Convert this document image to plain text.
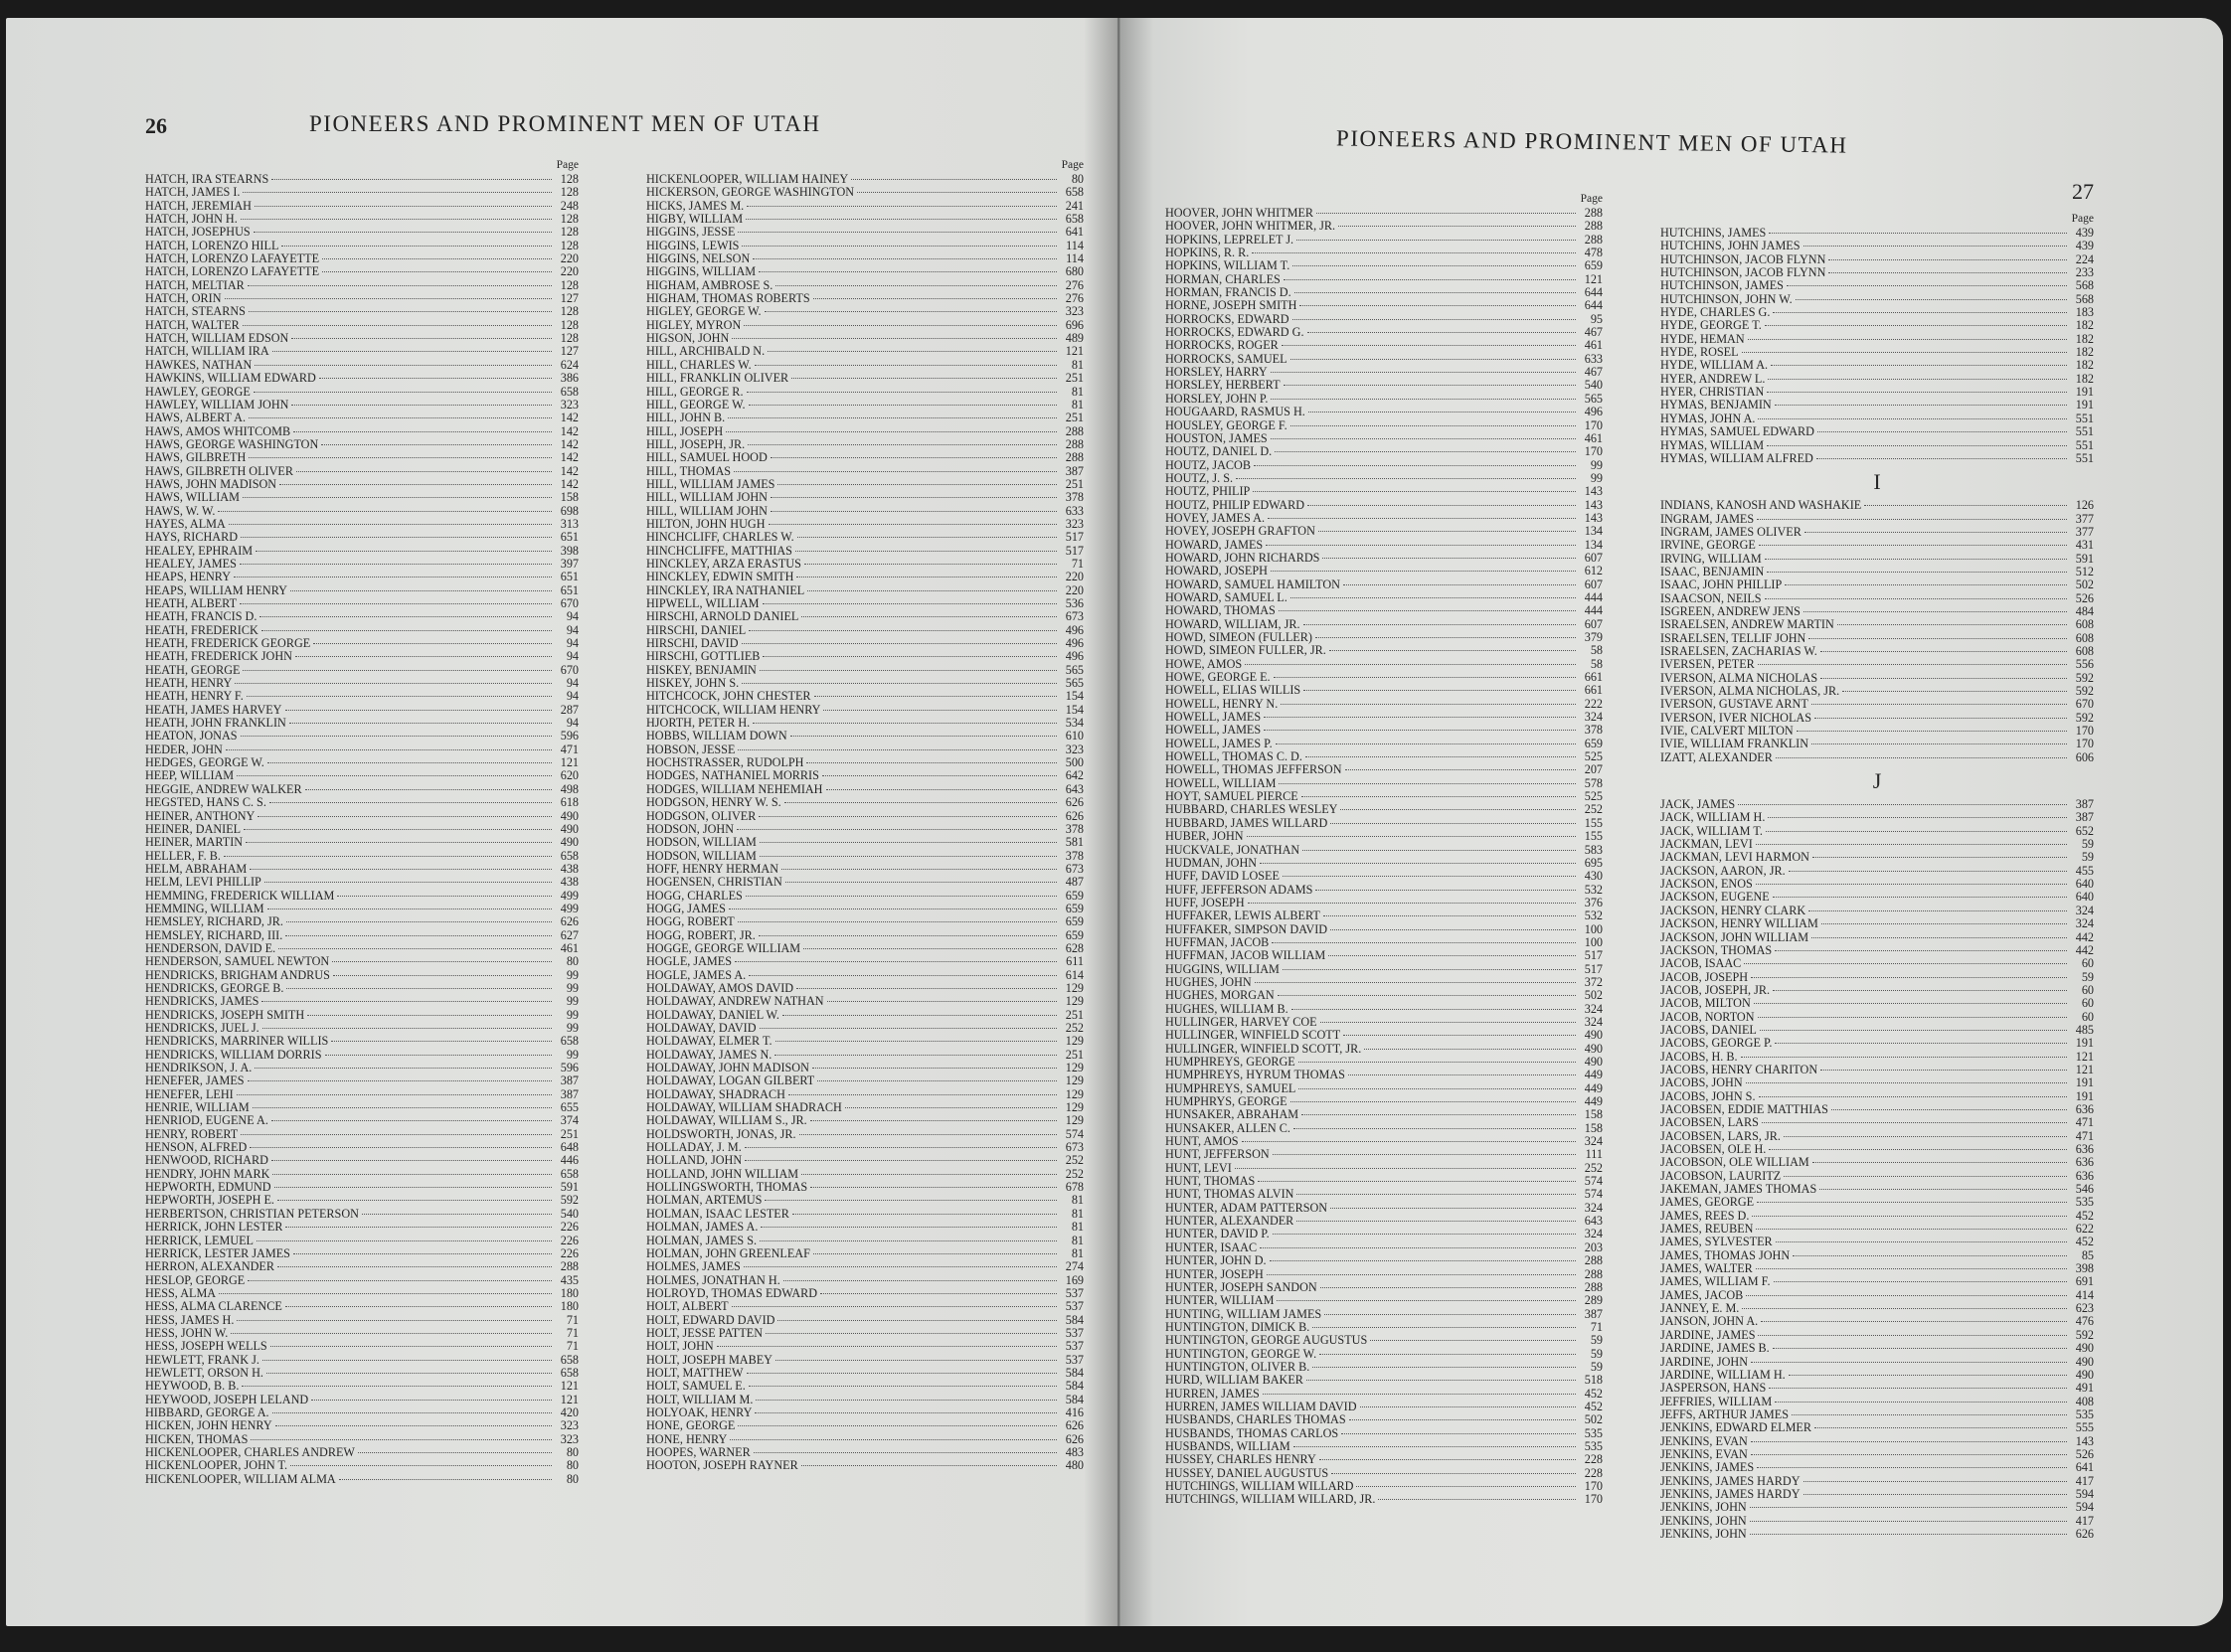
26	PIONEERS AND PROMINENT MEN OF UTAH
Page
HATCH, IRA STEARNS	128
HATCH, JAMES I.	128
HATCH, JEREMIAH	248
HATCH, JOHN H.	128
HATCH, JOSEPHUS	128
HATCH, LORENZO HILL	128
HATCH, LORENZO LAFAYETTE	220
HATCH, LORENZO LAFAYETTE	220
HATCH, MELTIAR	128
HATCH, ORIN	127
HATCH, STEARNS	128
HATCH, WALTER	128
HATCH, WILLIAM EDSON	128
HATCH, WILLIAM IRA	127
HAWKES, NATHAN	624
HAWKINS, WILLIAM EDWARD	386
HAWLEY, GEORGE	658
HAWLEY, WILLIAM JOHN	323
HAWS, ALBERT A.	142
HAWS, AMOS WHITCOMB	142
HAWS, GEORGE WASHINGTON	142
HAWS, GILBRETH	142
HAWS, GILBRETH OLIVER	142
HAWS, JOHN MADISON	142
HAWS, WILLIAM	158
HAWS, W. W.	698
HAYES, ALMA	313
HAYS, RICHARD	651
HEALEY, EPHRAIM	398
HEALEY, JAMES	397
HEAPS, HENRY	651
HEAPS, WILLIAM HENRY	651
HEATH, ALBERT	670
HEATH, FRANCIS D.	94
HEATH, FREDERICK	94
HEATH, FREDERICK GEORGE	94
HEATH, FREDERICK JOHN	94
HEATH, GEORGE	670
HEATH, HENRY	94
HEATH, HENRY F.	94
HEATH, JAMES HARVEY	287
HEATH, JOHN FRANKLIN	94
HEATON, JONAS	596
HEDER, JOHN	471
HEDGES, GEORGE W.	121
HEEP, WILLIAM	620
HEGGIE, ANDREW WALKER	498
HEGSTED, HANS C. S.	618
HEINER, ANTHONY	490
HEINER, DANIEL	490
HEINER, MARTIN	490
HELLER, F. B.	658
HELM, ABRAHAM	438
HELM, LEVI PHILLIP	438
HEMMING, FREDERICK WILLIAM	499
HEMMING, WILLIAM	499
HEMSLEY, RICHARD, JR.	626
HEMSLEY, RICHARD, III.	627
HENDERSON, DAVID E.	461
HENDERSON, SAMUEL NEWTON	80
HENDRICKS, BRIGHAM ANDRUS	99
HENDRICKS, GEORGE B.	99
HENDRICKS, JAMES	99
HENDRICKS, JOSEPH SMITH	99
HENDRICKS, JUEL J.	99
HENDRICKS, MARRINER WILLIS	658
HENDRICKS, WILLIAM DORRIS	99
HENDRIKSON, J. A.	596
HENEFER, JAMES	387
HENEFER, LEHI	387
HENRIE, WILLIAM	655
HENRIOD, EUGENE A.	374
HENRY, ROBERT	251
HENSON, ALFRED	648
HENWOOD, RICHARD	446
HENDRY, JOHN MARK	658
HEPWORTH, EDMUND	591
HEPWORTH, JOSEPH E.	592
HERBERTSON, CHRISTIAN PETERSON	540
HERRICK, JOHN LESTER	226
HERRICK, LEMUEL	226
HERRICK, LESTER JAMES	226
HERRON, ALEXANDER	288
HESLOP, GEORGE	435
HESS, ALMA	180
HESS, ALMA CLARENCE	180
HESS, JAMES H.	71
HESS, JOHN W.	71
HESS, JOSEPH WELLS	71
HEWLETT, FRANK J.	658
HEWLETT, ORSON H.	658
HEYWOOD, B. B.	121
HEYWOOD, JOSEPH LELAND	121
HIBBARD, GEORGE A.	420
HICKEN, JOHN HENRY	323
HICKEN, THOMAS	323
HICKENLOOPER, CHARLES ANDREW	80
HICKENLOOPER, JOHN T.	80
HICKENLOOPER, WILLIAM ALMA	80
Page
HICKENLOOPER, WILLIAM HAINEY	80
HICKERSON, GEORGE WASHINGTON	658
HICKS, JAMES M.	241
HIGBY, WILLIAM	658
HIGGINS, JESSE	641
HIGGINS, LEWIS	114
HIGGINS, NELSON	114
HIGGINS, WILLIAM	680
HIGHAM, AMBROSE S.	276
HIGHAM, THOMAS ROBERTS	276
HIGLEY, GEORGE W.	323
HIGLEY, MYRON	696
HIGSON, JOHN	489
HILL, ARCHIBALD N.	121
HILL, CHARLES W.	81
HILL, FRANKLIN OLIVER	251
HILL, GEORGE R.	81
HILL, GEORGE W.	81
HILL, JOHN B.	251
HILL, JOSEPH	288
HILL, JOSEPH, JR.	288
HILL, SAMUEL HOOD	288
HILL, THOMAS	387
HILL, WILLIAM JAMES	251
HILL, WILLIAM JOHN	378
HILL, WILLIAM JOHN	633
HILTON, JOHN HUGH	323
HINCHCLIFF, CHARLES W.	517
HINCHCLIFFE, MATTHIAS	517
HINCKLEY, ARZA ERASTUS	71
HINCKLEY, EDWIN SMITH	220
HINCKLEY, IRA NATHANIEL	220
HIPWELL, WILLIAM	536
HIRSCHI, ARNOLD DANIEL	673
HIRSCHI, DANIEL	496
HIRSCHI, DAVID	496
HIRSCHI, GOTTLIEB	496
HISKEY, BENJAMIN	565
HISKEY, JOHN S.	565
HITCHCOCK, JOHN CHESTER	154
HITCHCOCK, WILLIAM HENRY	154
HJORTH, PETER H.	534
HOBBS, WILLIAM DOWN	610
HOBSON, JESSE	323
HOCHSTRASSER, RUDOLPH	500
HODGES, NATHANIEL MORRIS	642
HODGES, WILLIAM NEHEMIAH	643
HODGSON, HENRY W. S.	626
HODGSON, OLIVER	626
HODSON, JOHN	378
HODSON, WILLIAM	581
HODSON, WILLIAM	378
HOFF, HENRY HERMAN	673
HOGENSEN, CHRISTIAN	487
HOGG, CHARLES	659
HOGG, JAMES	659
HOGG, ROBERT	659
HOGG, ROBERT, JR.	659
HOGGE, GEORGE WILLIAM	628
HOGLE, JAMES	611
HOGLE, JAMES A.	614
HOLDAWAY, AMOS DAVID	129
HOLDAWAY, ANDREW NATHAN	129
HOLDAWAY, DANIEL W.	251
HOLDAWAY, DAVID	252
HOLDAWAY, ELMER T.	129
HOLDAWAY, JAMES N.	251
HOLDAWAY, JOHN MADISON	129
HOLDAWAY, LOGAN GILBERT	129
HOLDAWAY, SHADRACH	129
HOLDAWAY, WILLIAM SHADRACH	129
HOLDAWAY, WILLIAM S., JR.	129
HOLDSWORTH, JONAS, JR.	574
HOLLADAY, J. M.	673
HOLLAND, JOHN	252
HOLLAND, JOHN WILLIAM	252
HOLLINGSWORTH, THOMAS	678
HOLMAN, ARTEMUS	81
HOLMAN, ISAAC LESTER	81
HOLMAN, JAMES A.	81
HOLMAN, JAMES S.	81
HOLMAN, JOHN GREENLEAF	81
HOLMES, JAMES	274
HOLMES, JONATHAN H.	169
HOLROYD, THOMAS EDWARD	537
HOLT, ALBERT	537
HOLT, EDWARD DAVID	584
HOLT, JESSE PATTEN	537
HOLT, JOHN	537
HOLT, JOSEPH MABEY	537
HOLT, MATTHEW	584
HOLT, SAMUEL E.	584
HOLT, WILLIAM M.	584
HOLYOAK, HENRY	416
HONE, GEORGE	626
HONE, HENRY	626
HOOPES, WARNER	483
HOOTON, JOSEPH RAYNER	480
PIONEERS AND PROMINENT MEN OF UTAH
27
Page
HOOVER, JOHN WHITMER	288
HOOVER, JOHN WHITMER, JR.	288
HOPKINS, LEPRELET J.	288
HOPKINS, R. R.	478
HOPKINS, WILLIAM T.	659
HORMAN, CHARLES	121
HORMAN, FRANCIS D.	644
HORNE, JOSEPH SMITH	644
HORROCKS, EDWARD	95
HORROCKS, EDWARD G.	467
HORROCKS, ROGER	461
HORROCKS, SAMUEL	633
HORSLEY, HARRY	467
HORSLEY, HERBERT	540
HORSLEY, JOHN P.	565
HOUGAARD, RASMUS H.	496
HOUSLEY, GEORGE F.	170
HOUSTON, JAMES	461
HOUTZ, DANIEL D.	170
HOUTZ, JACOB	99
HOUTZ, J. S.	99
HOUTZ, PHILIP	143
HOUTZ, PHILIP EDWARD	143
HOVEY, JAMES A.	143
HOVEY, JOSEPH GRAFTON	134
HOWARD, JAMES	134
HOWARD, JOHN RICHARDS	607
HOWARD, JOSEPH	612
HOWARD, SAMUEL HAMILTON	607
HOWARD, SAMUEL L.	444
HOWARD, THOMAS	444
HOWARD, WILLIAM, JR.	607
HOWD, SIMEON (FULLER)	379
HOWD, SIMEON FULLER, JR.	58
HOWE, AMOS	58
HOWE, GEORGE E.	661
HOWELL, ELIAS WILLIS	661
HOWELL, HENRY N.	222
HOWELL, JAMES	324
HOWELL, JAMES	378
HOWELL, JAMES P.	659
HOWELL, THOMAS C. D.	525
HOWELL, THOMAS JEFFERSON	207
HOWELL, WILLIAM	578
HOYT, SAMUEL PIERCE	525
HUBBARD, CHARLES WESLEY	252
HUBBARD, JAMES WILLARD	155
HUBER, JOHN	155
HUCKVALE, JONATHAN	583
HUDMAN, JOHN	695
HUFF, DAVID LOSEE	430
HUFF, JEFFERSON ADAMS	532
HUFF, JOSEPH	376
HUFFAKER, LEWIS ALBERT	532
HUFFAKER, SIMPSON DAVID	100
HUFFMAN, JACOB	100
HUFFMAN, JACOB WILLIAM	517
HUGGINS, WILLIAM	517
HUGHES, JOHN	372
HUGHES, MORGAN	502
HUGHES, WILLIAM B.	324
HULLINGER, HARVEY COE	324
HULLINGER, WINFIELD SCOTT	490
HULLINGER, WINFIELD SCOTT, JR.	490
HUMPHREYS, GEORGE	490
HUMPHREYS, HYRUM THOMAS	449
HUMPHREYS, SAMUEL	449
HUMPHRYS, GEORGE	449
HUNSAKER, ABRAHAM	158
HUNSAKER, ALLEN C.	158
HUNT, AMOS	324
HUNT, JEFFERSON	111
HUNT, LEVI	252
HUNT, THOMAS	574
HUNT, THOMAS ALVIN	574
HUNTER, ADAM PATTERSON	324
HUNTER, ALEXANDER	643
HUNTER, DAVID P.	324
HUNTER, ISAAC	203
HUNTER, JOHN D.	288
HUNTER, JOSEPH	288
HUNTER, JOSEPH SANDON	288
HUNTER, WILLIAM	289
HUNTING, WILLIAM JAMES	387
HUNTINGTON, DIMICK B.	71
HUNTINGTON, GEORGE AUGUSTUS	59
HUNTINGTON, GEORGE W.	59
HUNTINGTON, OLIVER B.	59
HURD, WILLIAM BAKER	518
HURREN, JAMES	452
HURREN, JAMES WILLIAM DAVID	452
HUSBANDS, CHARLES THOMAS	502
HUSBANDS, THOMAS CARLOS	535
HUSBANDS, WILLIAM	535
HUSSEY, CHARLES HENRY	228
HUSSEY, DANIEL AUGUSTUS	228
HUTCHINGS, WILLIAM WILLARD	170
HUTCHINGS, WILLIAM WILLARD, JR.	170
Page
HUTCHINS, JAMES	439
HUTCHINS, JOHN JAMES	439
HUTCHINSON, JACOB FLYNN	224
HUTCHINSON, JACOB FLYNN	233
HUTCHINSON, JAMES	568
HUTCHINSON, JOHN W.	568
HYDE, CHARLES G.	183
HYDE, GEORGE T.	182
HYDE, HEMAN	182
HYDE, ROSEL	182
HYDE, WILLIAM A.	182
HYER, ANDREW L.	182
HYER, CHRISTIAN	191
HYMAS, BENJAMIN	191
HYMAS, JOHN A.	551
HYMAS, SAMUEL EDWARD	551
HYMAS, WILLIAM	551
HYMAS, WILLIAM ALFRED	551
I
INDIANS, KANOSH AND WASHAKIE	126
INGRAM, JAMES	377
INGRAM, JAMES OLIVER	377
IRVINE, GEORGE	431
IRVING, WILLIAM	591
ISAAC, BENJAMIN	512
ISAAC, JOHN PHILLIP	502
ISAACSON, NEILS	526
ISGREEN, ANDREW JENS	484
ISRAELSEN, ANDREW MARTIN	608
ISRAELSEN, TELLIF JOHN	608
ISRAELSEN, ZACHARIAS W.	608
IVERSEN, PETER	556
IVERSON, ALMA NICHOLAS	592
IVERSON, ALMA NICHOLAS, JR.	592
IVERSON, GUSTAVE ARNT	670
IVERSON, IVER NICHOLAS	592
IVIE, CALVERT MILTON	170
IVIE, WILLIAM FRANKLIN	170
IZATT, ALEXANDER	606
J
JACK, JAMES	387
JACK, WILLIAM H.	387
JACK, WILLIAM T.	652
JACKMAN, LEVI	59
JACKMAN, LEVI HARMON	59
JACKSON, AARON, JR.	455
JACKSON, ENOS	640
JACKSON, EUGENE	640
JACKSON, HENRY CLARK	324
JACKSON, HENRY WILLIAM	324
JACKSON, JOHN WILLIAM	442
JACKSON, THOMAS	442
JACOB, ISAAC	60
JACOB, JOSEPH	59
JACOB, JOSEPH, JR.	60
JACOB, MILTON	60
JACOB, NORTON	60
JACOBS, DANIEL	485
JACOBS, GEORGE P.	191
JACOBS, H. B.	121
JACOBS, HENRY CHARITON	121
JACOBS, JOHN	191
JACOBS, JOHN S.	191
JACOBSEN, EDDIE MATTHIAS	636
JACOBSEN, LARS	471
JACOBSEN, LARS, JR.	471
JACOBSEN, OLE H.	636
JACOBSON, OLE WILLIAM	636
JACOBSON, LAURITZ	636
JAKEMAN, JAMES THOMAS	546
JAMES, GEORGE	535
JAMES, REES D.	452
JAMES, REUBEN	622
JAMES, SYLVESTER	452
JAMES, THOMAS JOHN	85
JAMES, WALTER	398
JAMES, WILLIAM F.	691
JAMES, JACOB	414
JANNEY, E. M.	623
JANSON, JOHN A.	476
JARDINE, JAMES	592
JARDINE, JAMES B.	490
JARDINE, JOHN	490
JARDINE, WILLIAM H.	490
JASPERSON, HANS	491
JEFFRIES, WILLIAM	408
JEFFS, ARTHUR JAMES	535
JENKINS, EDWARD ELMER	555
JENKINS, EVAN	143
JENKINS, EVAN	526
JENKINS, JAMES	641
JENKINS, JAMES HARDY	417
JENKINS, JAMES HARDY	594
JENKINS, JOHN	594
JENKINS, JOHN	417
JENKINS, JOHN	626
